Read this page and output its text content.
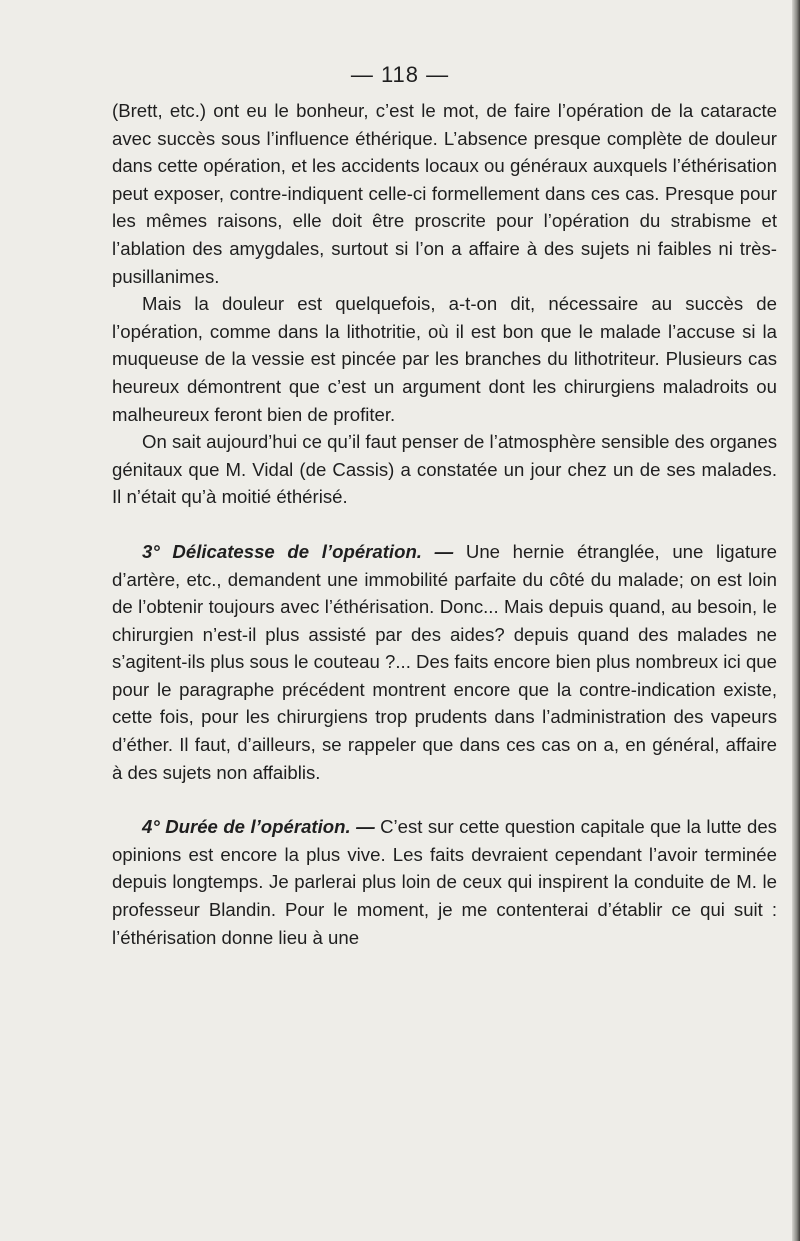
— 118 —

(Brett, etc.) ont eu le bonheur, c’est le mot, de faire l’opération de la cataracte avec succès sous l’influence éthérique. L’absence presque complète de douleur dans cette opération, et les accidents locaux ou généraux auxquels l’éthérisation peut exposer, contre-indiquent celle-ci formellement dans ces cas. Presque pour les mêmes raisons, elle doit être proscrite pour l’opération du strabisme et l’ablation des amygdales, surtout si l’on a affaire à des sujets ni faibles ni très-pusillanimes.

Mais la douleur est quelquefois, a-t-on dit, nécessaire au succès de l’opération, comme dans la lithotritie, où il est bon que le malade l’accuse si la muqueuse de la vessie est pincée par les branches du lithotriteur. Plusieurs cas heureux démontrent que c’est un argument dont les chirurgiens maladroits ou malheureux feront bien de profiter.

On sait aujourd’hui ce qu’il faut penser de l’atmosphère sensible des organes génitaux que M. Vidal (de Cassis) a constatée un jour chez un de ses malades. Il n’était qu’à moitié éthérisé.

3° Délicatesse de l’opération. — Une hernie étranglée, une ligature d’artère, etc., demandent une immobilité parfaite du côté du malade; on est loin de l’obtenir toujours avec l’éthérisation. Donc... Mais depuis quand, au besoin, le chirurgien n’est-il plus assisté par des aides? depuis quand des malades ne s’agitent-ils plus sous le couteau ?... Des faits encore bien plus nombreux ici que pour le paragraphe précédent montrent encore que la contre-indication existe, cette fois, pour les chirurgiens trop prudents dans l’administration des vapeurs d’éther. Il faut, d’ailleurs, se rappeler que dans ces cas on a, en général, affaire à des sujets non affaiblis.

4° Durée de l’opération. — C’est sur cette question capitale que la lutte des opinions est encore la plus vive. Les faits devraient cependant l’avoir terminée depuis longtemps. Je parlerai plus loin de ceux qui inspirent la conduite de M. le professeur Blandin. Pour le moment, je me contenterai d’établir ce qui suit : l’éthérisation donne lieu à une
